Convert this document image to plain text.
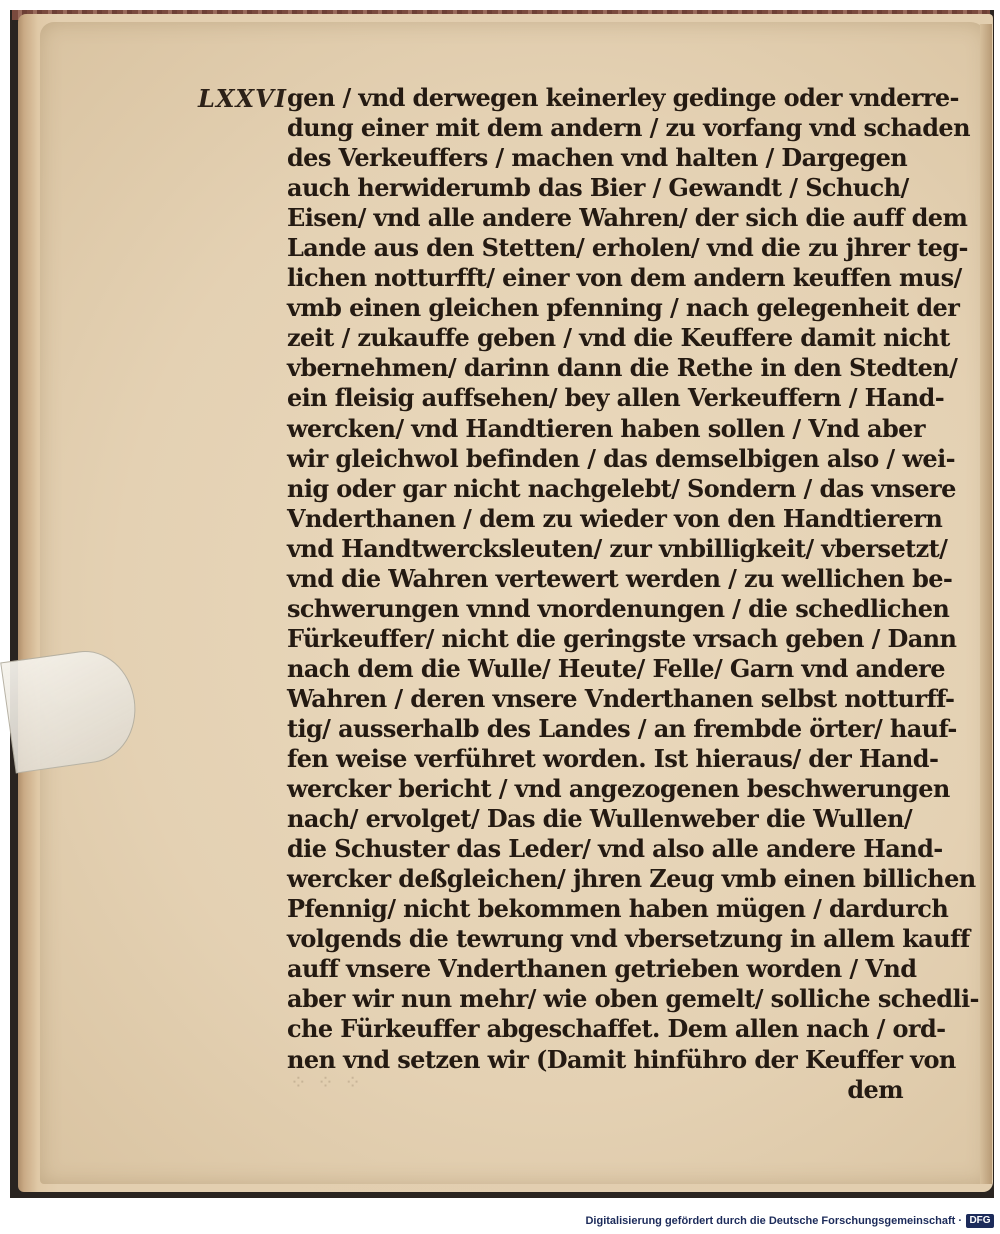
LXXVI gen / vnd derwegen keinerley gedinge oder vnderre-
dung einer mit dem andern / zu vorfang vnd schaden
des Verkeuffers / machen vnd halten / Dargegen
auch herwiderumb das Bier / Gewandt / Schuch/
Eisen/ vnd alle andere Wahren/ der sich die auff dem
Lande aus den Stetten/ erholen/ vnd die zu jhrer teg-
lichen notturfft/ einer von dem andern keuffen mus/
vmb einen gleichen pfenning / nach gelegenheit der
zeit / zukauffe geben / vnd die Keuffere damit nicht
vbernehmen/ darinn dann die Rethe in den Stedten/
ein fleisig auffsehen/ bey allen Verkeuffern / Hand-
wercken/ vnd Handtieren haben sollen / Vnd aber
wir gleichwol befinden / das demselbigen also / wei-
nig oder gar nicht nachgelebt/ Sondern / das vnsere
Vnderthanen / dem zu wieder von den Handtierern
vnd Handtwercksleuten/ zur vnbilligkeit/ vbersetzt/
vnd die Wahren vertewert werden / zu wellichen be-
schwerungen vnnd vnordenungen / die schedlichen
Fürkeuffer/ nicht die geringste vrsach geben / Dann
nach dem die Wulle/ Heute/ Felle/ Garn vnd andere
Wahren / deren vnsere Vnderthanen selbst notturff-
tig/ ausserhalb des Landes / an frembde örter/ hauf-
fen weise verführet worden. Ist hieraus/ der Hand-
wercker bericht / vnd angezogenen beschwerungen
nach/ ervolget/ Das die Wullenweber die Wullen/
die Schuster das Leder/ vnd also alle andere Hand-
wercker deßgleichen/ jhren Zeug vmb einen billichen
Pfennig/ nicht bekommen haben mügen / dardurch
volgends die tewrung vnd vbersetzung in allem kauff
auff vnsere Vnderthanen getrieben worden / Vnd
aber wir nun mehr/ wie oben gemelt/ solliche schedli-
che Fürkeuffer abgeschaffet. Dem allen nach / ord-
nen vnd setzen wir (Damit hinführo der Keuffer von
dem
⁘ ⁘ ⁘
Digitalisierung gefördert durch die Deutsche Forschungsgemeinschaft · DFG
